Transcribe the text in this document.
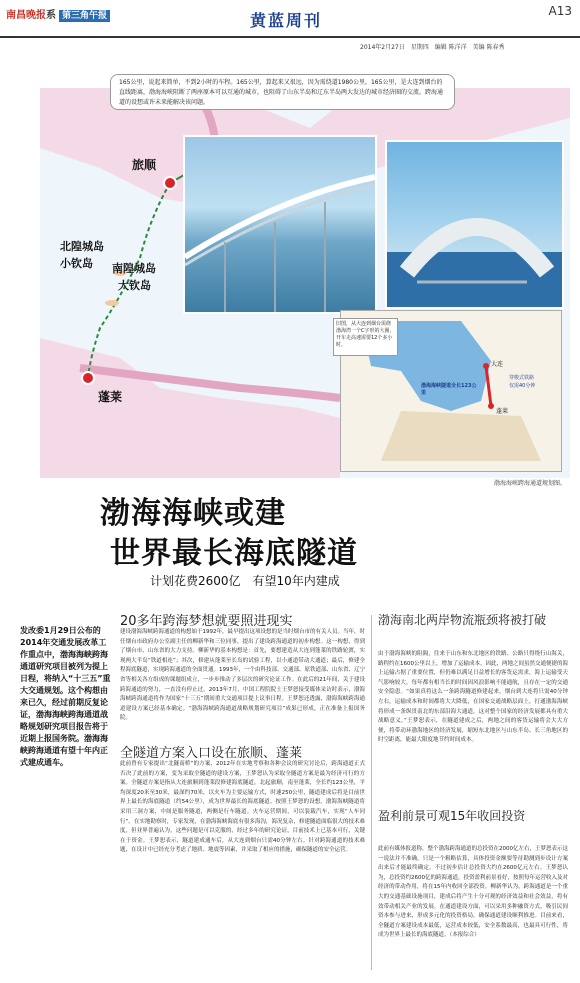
南昌晚报系 第三角午报	黄蓝周刊	A13
2014年2月27日　星期四　编辑 陈洋洋　美编 陈春秀
旅顺
北隍城岛
小钦岛 南隍城岛
大钦岛
蓬莱
大连
蓬莱
渤海海峡隧道全长123公里
穿梭式铁路
仅需40分钟
旧图，从大连到烟台需绕渤海湾一个C字形的大圈，开车走高速需要12个多小时。
165公里，说起来简单，不到2小时的车程。165公里，算起来又很远，因为需绕道1980公里，165公里，是大连到烟台的直线距离，渤海海峡阻断了两座原本可以互通的城市，也阻碍了山东半岛和辽东半岛两大发达的城市经济圈的交流。跨海通道的设想或许未来能解决该问题。
渤海海峡跨海通道规划图。
渤海海峡或建
世界最长海底隧道
计划花费2600亿　有望10年内建成
发改委1月29日公布的2014年交通发展改革工作重点中，渤海海峡跨海通道研究项目被列为提上日程，将纳入“十三五”重大交通规划。这个构想由来已久，经过前期反复论证，渤海海峡跨海通道战略规划研究项目报告将于近期上报国务院。渤海海峡跨海通道有望十年内正式建成通车。
20多年跨海梦想就要照进现实
建设渤海海峡跨海通道的构想始于1992年，最早提出这项设想的是当时烟台市的有关人员。当年，时任烟台市政府办公室副主任的柳新华和三位同事，提出了建设跨海通道的初步构想。这一构想，得到了烟台市、山东省的大力支持。柳新华的基本构想是：首先，要想建造从大连到蓬莱的铁路轮渡，实现两大半岛“铁道相连”；其次，修建从蓬莱至长岛的试验工程，以小通道带动大通道；最后，修建全程海底隧道，实现跨海通道的全面贯通。1993年，一个由科技部、交通部、原铁道部、山东省、辽宁省等相关各方组成的课题组成立，一步步推动了多层次的研究论证工作。在此后的21年间，关于建设跨海通道的努力，一直没有停止过。2013年7月，中国工程院院士王梦恕接受媒体采访时表示，渤海海峡跨海通道将作为国家“十三五”期间重大交通项目提上议事日程。王梦恕还透露，渤海海峡跨海通道建设方案已经基本确定。“渤海海峡跨海通道战略规划研究项目”成果已形成，正在准备上报国务院。
全隧道方案入口设在旅顺、蓬莱
此前曾有专家提出“北隧南桥”的方案，2012年在实地考察和各种会议的研究讨论后，跨海通道正式否决了此前的方案，变为采取全隧道的建设方案，王梦恕认为采取全隧道方案是最为经济可行的方案。全隧道方案是指从大连旅顺到蓬莱段修建海底隧道，北起旅顺，南至蓬莱，全长约123公里，平均深度20米至30米，最深约70米，以火车为主要运输方式，时速250公里，隧道建成后将是目前世界上最长的海底隧道（约54公里），成为世界最长的海底隧道。按照王梦恕的设想，渤海海峡隧道将采用三洞方案，中间是服务隧道，两侧是行车隧道。火车运营期间，可以装载汽车，实现“人车同行”。在实地勘察时，专家发现，在渤海海峡海底有很多海沟，海况复杂，修建隧道面临很大的技术难度，但业界普遍认为，这些问题是可以克服的，经过多年的研究论证，目前技术上已基本可行，关键在于资金。王梦恕表示，隧道建成通车后，从大连到烟台只需40分钟左右。针对跨海通道的技术难题，在设计中已经充分考虑了地质、地震等因素，并采取了相应的措施，确保隧道的安全运营。
渤海南北两岸物流瓶颈将被打破
由于渤海海峡的阻隔，往来于山东和东北地区的铁路、公路只得绕行山海关，路程约在1600公里以上，增加了运输成本。因此，两地之间虽然交通便捷的海上运输占据了重要位置，但仍难以满足日益增长的客货运需求，海上运输受天气影响较大，每年都有相当长的时间因风浪影响不能通航，且存在一定的交通安全隐患。“如果真将这么一条跨海隧道修建起来，烟台到大连将只需40分钟左右，运输成本和时间都将大大降低，在国家交通战略层面上，打通渤海海峡将形成一条纵贯南北的东部沿海大通道，这对整个国家的经济发展都具有重大战略意义。”王梦恕表示，在隧道建成之后，两地之间的客货运输将会大大方便，将带动环渤海地区的经济发展，缩短东北地区与山东半岛、长三角地区的时空距离，能最大限度地节约时间成本。
盈利前景可观15年收回投资
此前有媒体报道称，整个渤海跨海通道的总投资在2000亿左右，王梦恕表示这一说法并不准确，只是一个粗略估算，具体投资金额要等待勘测到步设计方案出来后才能最终确定，不过初步估计总投资大约在2600亿元左右。王梦恕认为，总投资约2600亿的跨海通道，投资盈利前景看好，按照每年运营收入及对经济的带动作用，将在15年内收回全部投资。柳新华认为，跨海通道是一个重大的交通基础设施项目，建成后将产生十分可观的经济效益和社会效益，将有效带动相关产业的发展。在通道建设方面，可以采用多种融资方式，吸引民间资本参与进来，形成多元化的投资格局，确保通道建设顺利推进。目前来看，全隧道方案建设成本最低，运营成本较低，安全系数最高，也最具可行性，将成为世界上最长的海底隧道。（本报综合）
